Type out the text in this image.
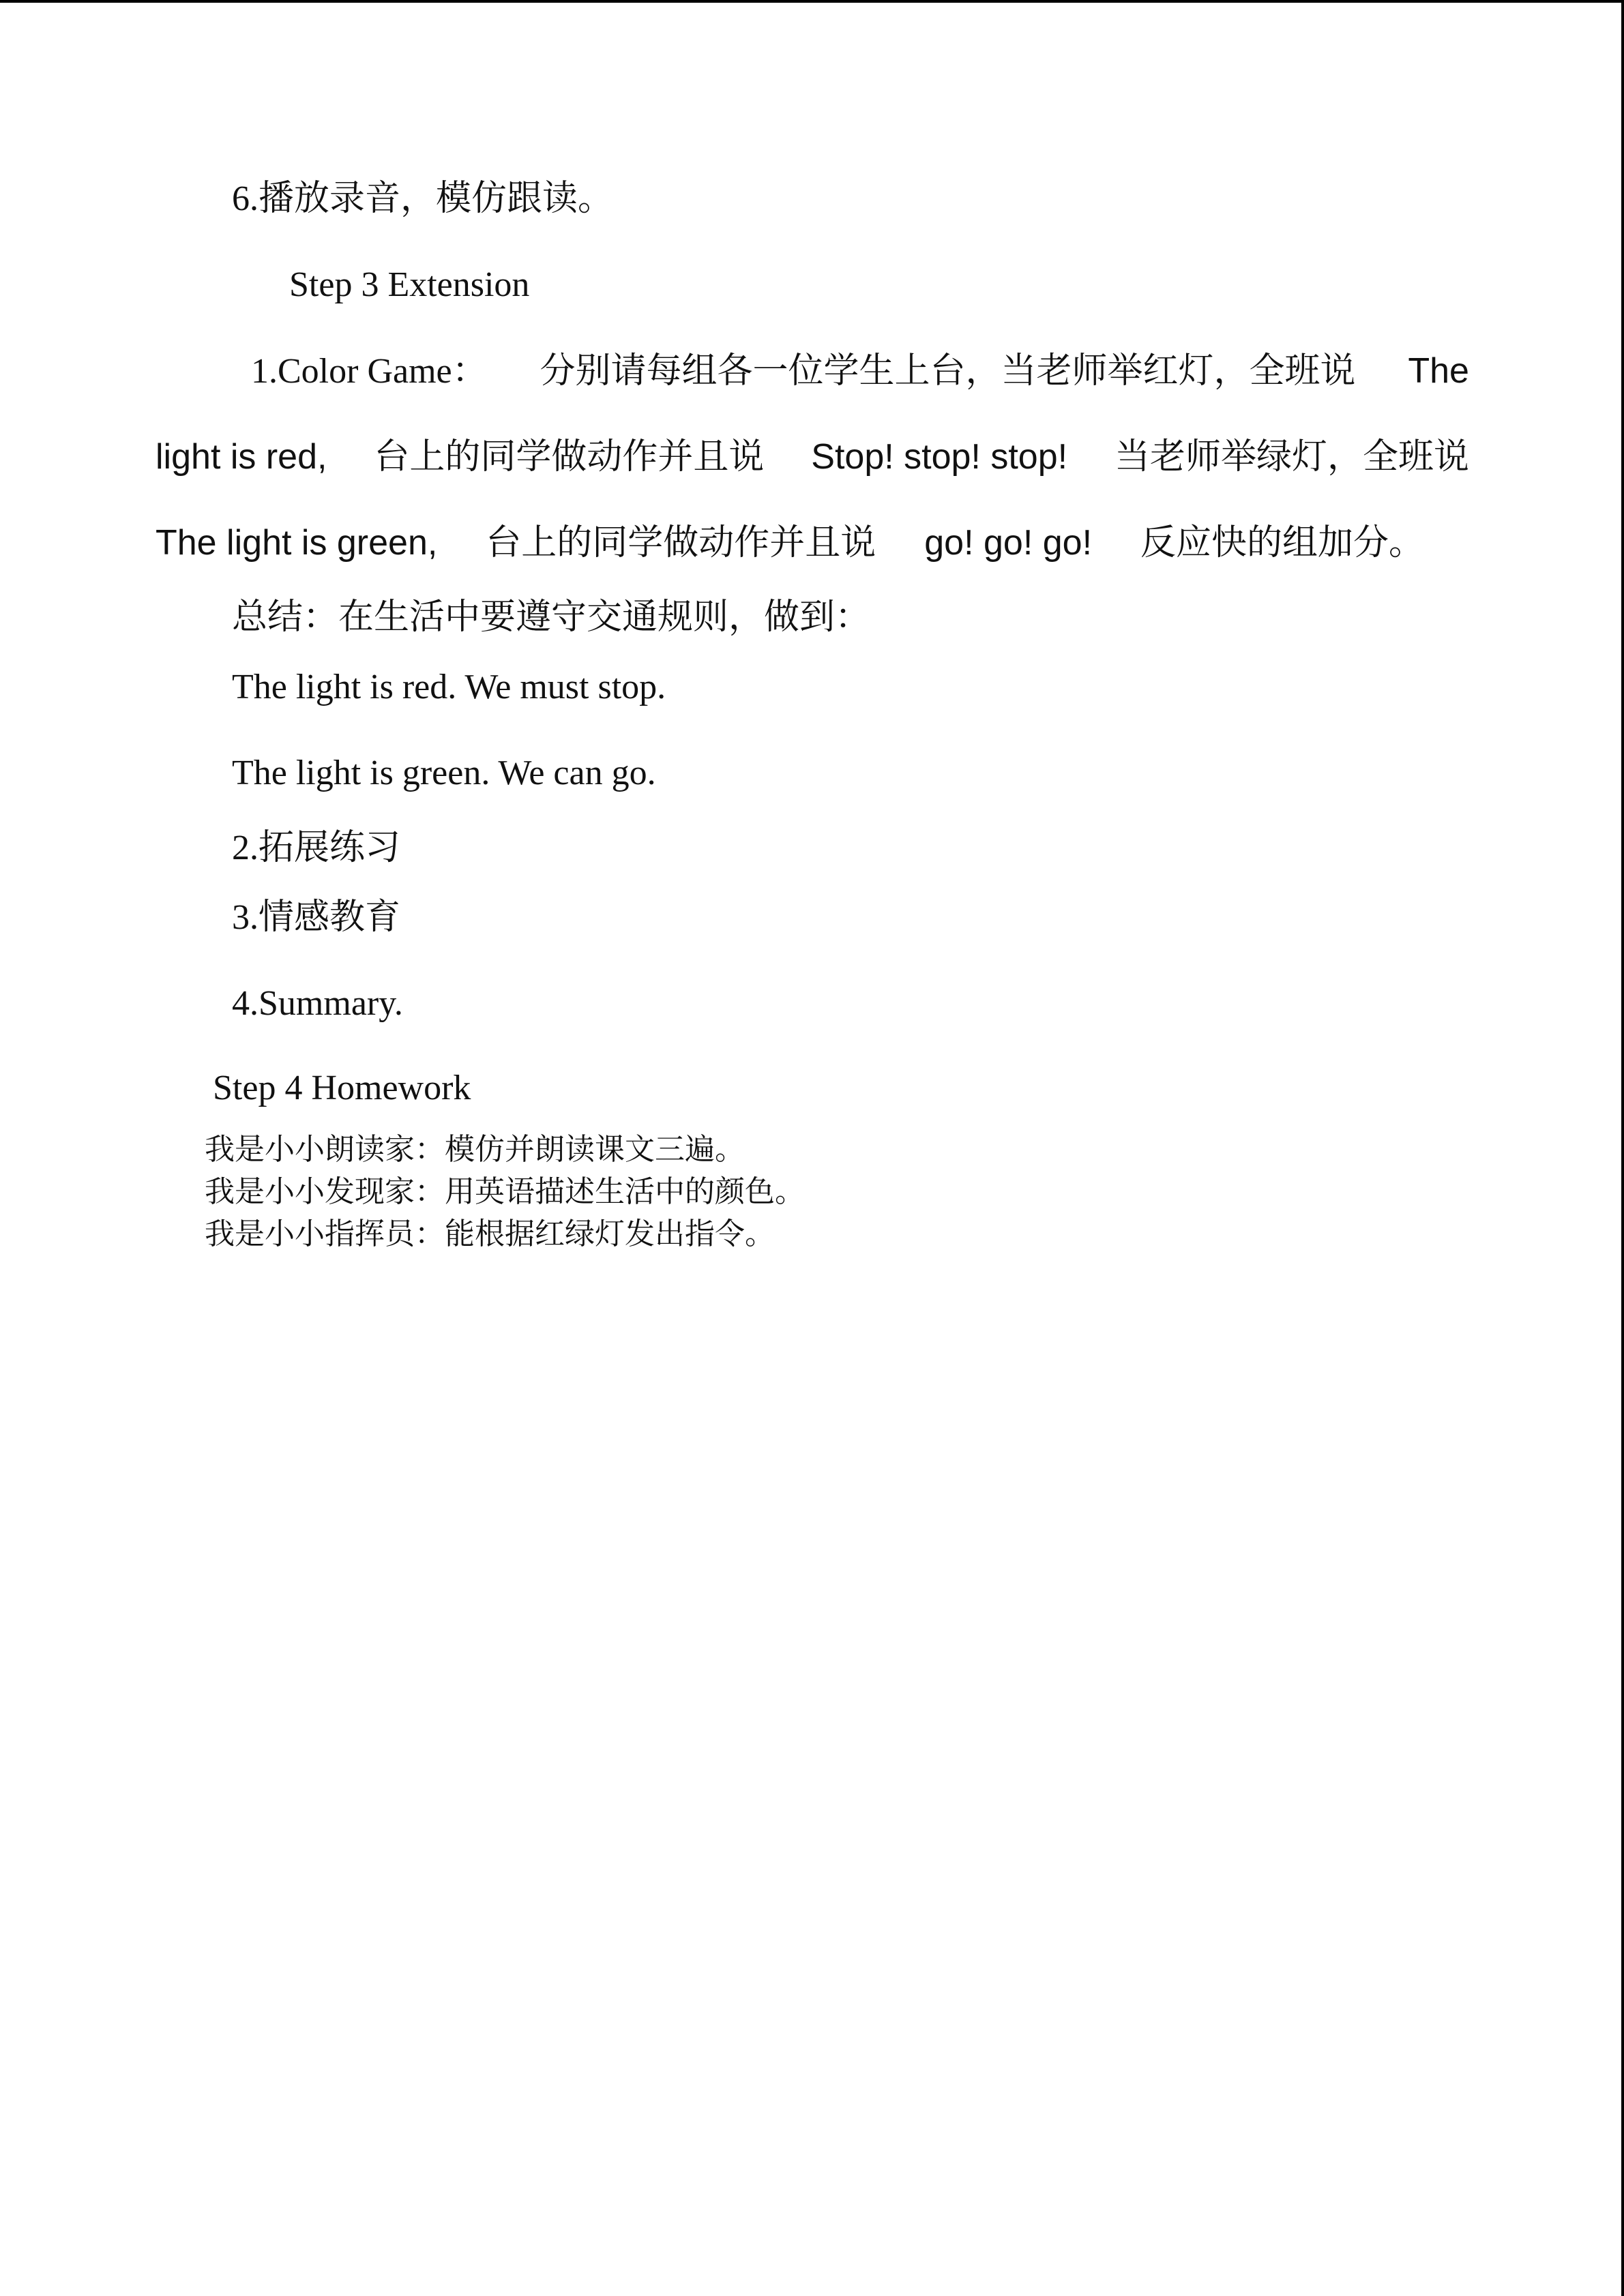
6.播放录音，模仿跟读。
Step 3 Extension
1.Color Game： 分别请每组各一位学生上台，当老师举红灯，全班说 The
light is red, 台上的同学做动作并且说 Stop! stop! stop! 当老师举绿灯，全班说
The light is green, 台上的同学做动作并且说 go! go! go! 反应快的组加分。
总结：在生活中要遵守交通规则，做到：
The light is red. We must stop.
The light is green. We can go.
2.拓展练习
3.情感教育
4.Summary.
Step 4 Homework
我是小小朗读家：模仿并朗读课文三遍。
我是小小发现家：用英语描述生活中的颜色。
我是小小指挥员：能根据红绿灯发出指令。
